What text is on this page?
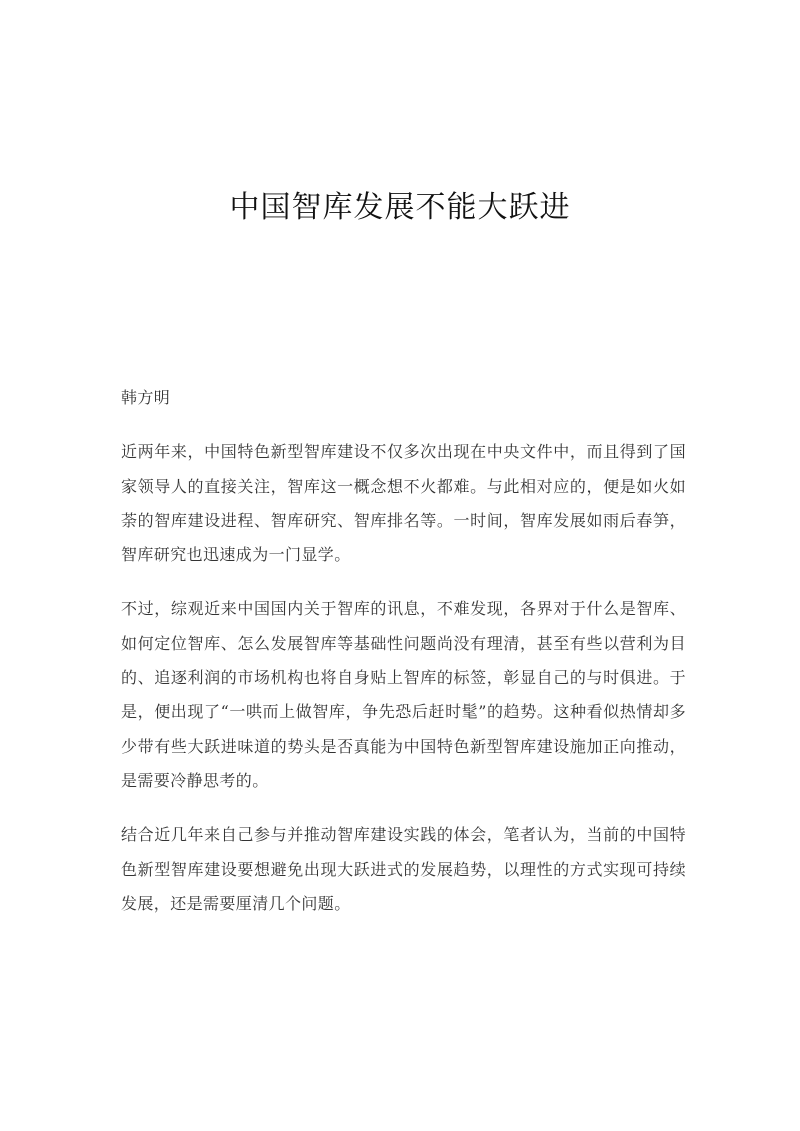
中国智库发展不能大跃进

韩方明

近两年来，中国特色新型智库建设不仅多次出现在中央文件中，而且得到了国家领导人的直接关注，智库这一概念想不火都难。与此相对应的，便是如火如荼的智库建设进程、智库研究、智库排名等。一时间，智库发展如雨后春笋，智库研究也迅速成为一门显学。

不过，综观近来中国国内关于智库的讯息，不难发现，各界对于什么是智库、如何定位智库、怎么发展智库等基础性问题尚没有理清，甚至有些以营利为目的、追逐利润的市场机构也将自身贴上智库的标签，彰显自己的与时俱进。于是，便出现了“一哄而上做智库，争先恐后赶时髦”的趋势。这种看似热情却多少带有些大跃进味道的势头是否真能为中国特色新型智库建设施加正向推动，是需要冷静思考的。

结合近几年来自己参与并推动智库建设实践的体会，笔者认为，当前的中国特色新型智库建设要想避免出现大跃进式的发展趋势，以理性的方式实现可持续发展，还是需要厘清几个问题。
